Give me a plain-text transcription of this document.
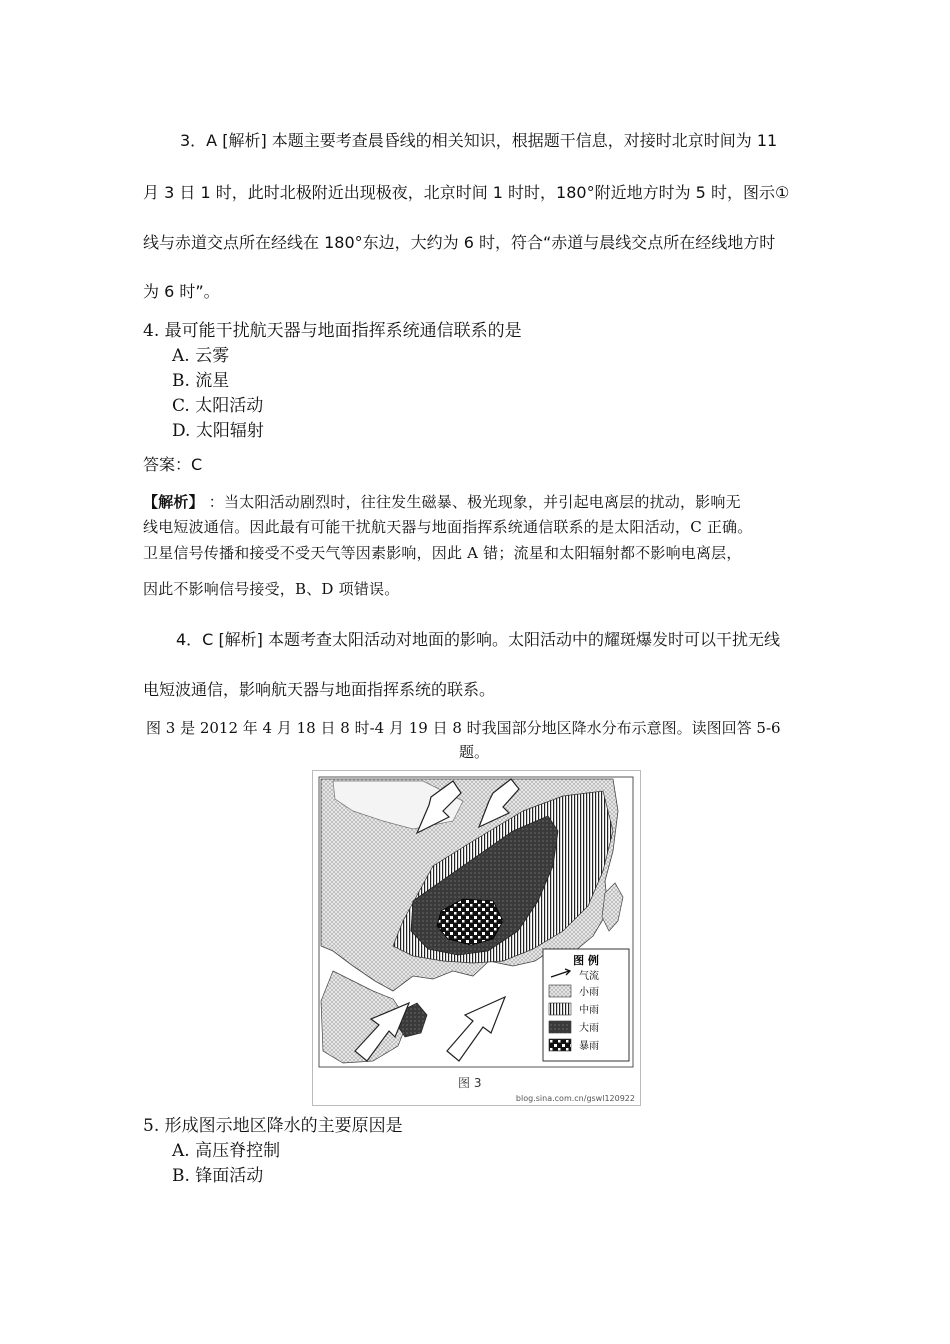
3．A [解析] 本题主要考查晨昏线的相关知识，根据题干信息，对接时北京时间为 11
月 3 日 1 时，此时北极附近出现极夜，北京时间 1 时时，180°附近地方时为 5 时，图示①
线与赤道交点所在经线在 180°东边，大约为 6 时，符合“赤道与晨线交点所在经线地方时
为 6 时”。
4. 最可能干扰航天器与地面指挥系统通信联系的是
A. 云雾
B. 流星
C. 太阳活动
D. 太阳辐射
答案：C
【解析】 ：当太阳活动剧烈时，往往发生磁暴、极光现象，并引起电离层的扰动，影响无
线电短波通信。因此最有可能干扰航天器与地面指挥系统通信联系的是太阳活动，C 正确。
卫星信号传播和接受不受天气等因素影响，因此 A 错；流星和太阳辐射都不影响电离层，
因此不影响信号接受，B、D 项错误。
4．C [解析] 本题考查太阳活动对地面的影响。太阳活动中的耀斑爆发时可以干扰无线
电短波通信，影响航天器与地面指挥系统的联系。
图 3 是 2012 年 4 月 18 日 8 时-4 月 19 日 8 时我国部分地区降水分布示意图。读图回答 5-6
题。
图 例
气流
小雨
中雨
大雨
暴雨
图 3
blog.sina.com.cn/gswl120922
5. 形成图示地区降水的主要原因是
A. 高压脊控制
B. 锋面活动
